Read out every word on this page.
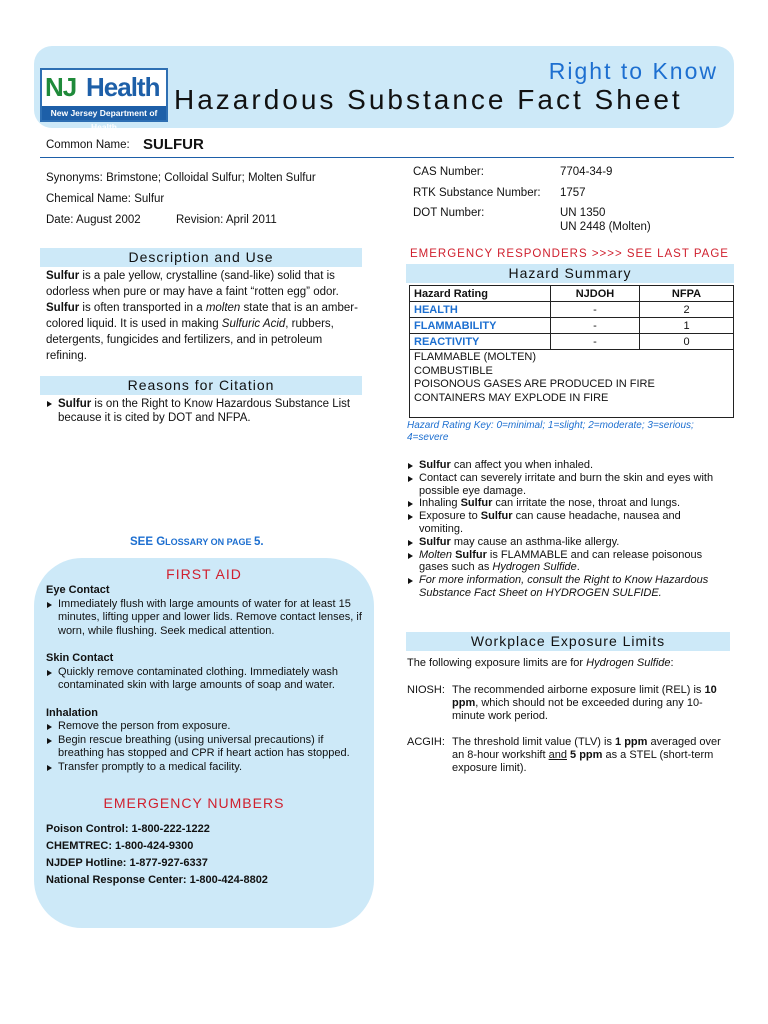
NJ Health
New Jersey Department of Health
Right to Know
Hazardous Substance Fact Sheet
Common Name: SULFUR
Synonyms: Brimstone; Colloidal Sulfur; Molten Sulfur
Chemical Name: Sulfur
Date: August 2002	Revision: April 2011
CAS Number:	7704-34-9
RTK Substance Number: 1757
DOT Number:	UN 1350
UN 2448 (Molten)
Description and Use
Sulfur is a pale yellow, crystalline (sand-like) solid that is odorless when pure or may have a faint “rotten egg” odor. Sulfur is often transported in a molten state that is an amber-colored liquid. It is used in making Sulfuric Acid, rubbers, detergents, fungicides and fertilizers, and in petroleum refining.
Reasons for Citation
Sulfur is on the Right to Know Hazardous Substance List because it is cited by DOT and NFPA.
SEE GLOSSARY ON PAGE 5.
FIRST AID
Eye Contact
Immediately flush with large amounts of water for at least 15 minutes, lifting upper and lower lids. Remove contact lenses, if worn, while flushing. Seek medical attention.
Skin Contact
Quickly remove contaminated clothing. Immediately wash contaminated skin with large amounts of soap and water.
Inhalation
Remove the person from exposure.
Begin rescue breathing (using universal precautions) if breathing has stopped and CPR if heart action has stopped.
Transfer promptly to a medical facility.
EMERGENCY NUMBERS
Poison Control: 1-800-222-1222
CHEMTREC: 1-800-424-9300
NJDEP Hotline: 1-877-927-6337
National Response Center: 1-800-424-8802
EMERGENCY RESPONDERS >>>> SEE LAST PAGE
Hazard Summary
Hazard Rating	NJDOH	NFPA
HEALTH	-	2
FLAMMABILITY	-	1
REACTIVITY	-	0

FLAMMABLE (MOLTEN)
COMBUSTIBLE
POISONOUS GASES ARE PRODUCED IN FIRE
CONTAINERS MAY EXPLODE IN FIRE		
Hazard Rating Key: 0=minimal; 1=slight; 2=moderate; 3=serious; 4=severe
Sulfur can affect you when inhaled.
Contact can severely irritate and burn the skin and eyes with possible eye damage.
Inhaling Sulfur can irritate the nose, throat and lungs.
Exposure to Sulfur can cause headache, nausea and vomiting.
Sulfur may cause an asthma-like allergy.
Molten Sulfur is FLAMMABLE and can release poisonous gases such as Hydrogen Sulfide.
For more information, consult the Right to Know Hazardous Substance Fact Sheet on HYDROGEN SULFIDE.
Workplace Exposure Limits
The following exposure limits are for Hydrogen Sulfide:
NIOSH: The recommended airborne exposure limit (REL) is 10 ppm, which should not be exceeded during any 10-minute work period.
ACGIH: The threshold limit value (TLV) is 1 ppm averaged over an 8-hour workshift and 5 ppm as a STEL (short-term exposure limit).
